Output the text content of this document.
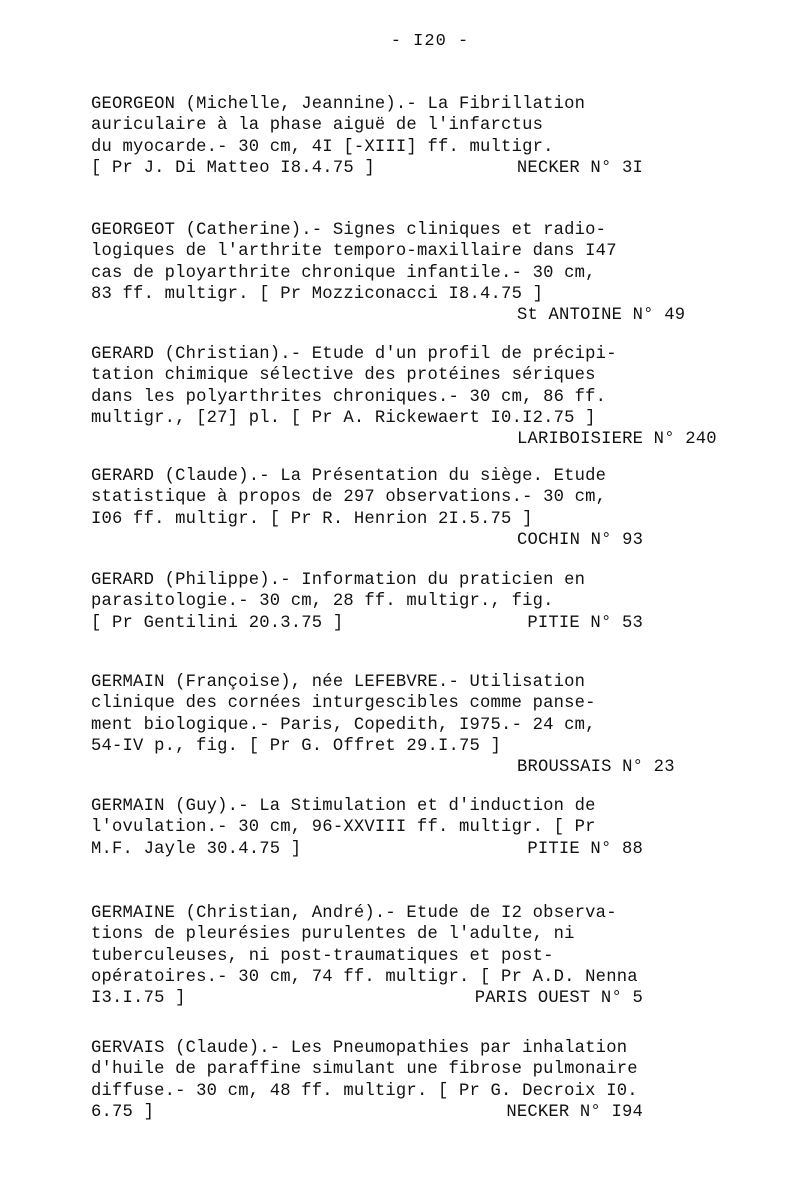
- I20 -
GEORGEON (Michelle, Jeannine).- La Fibrillation
auriculaire à la phase aiguë de l'infarctus
du myocarde.- 30 cm, 4I [-XIII] ff. multigr.
[ Pr J. Di Matteo I8.4.75 ]	NECKER N° 3I
GEORGEOT (Catherine).- Signes cliniques et radio-
logiques de l'arthrite temporo-maxillaire dans I47
cas de ployarthrite chronique infantile.- 30 cm,
83 ff. multigr. [ Pr Mozziconacci I8.4.75 ]
St ANTOINE N° 49
GERARD (Christian).- Etude d'un profil de précipi-
tation chimique sélective des protéines sériques
dans les polyarthrites chroniques.- 30 cm, 86 ff.
multigr., [27] pl. [ Pr A. Rickewaert I0.I2.75 ]
LARIBOISIERE N° 240
GERARD (Claude).- La Présentation du siège. Etude
statistique à propos de 297 observations.- 30 cm,
I06 ff. multigr. [ Pr R. Henrion 2I.5.75 ]
COCHIN N° 93
GERARD (Philippe).- Information du praticien en
parasitologie.- 30 cm, 28 ff. multigr., fig.
[ Pr Gentilini 20.3.75 ]	PITIE N° 53
GERMAIN (Françoise), née LEFEBVRE.- Utilisation
clinique des cornées inturgescibles comme panse-
ment biologique.- Paris, Copedith, I975.- 24 cm,
54-IV p., fig. [ Pr G. Offret 29.I.75 ]
BROUSSAIS N° 23
GERMAIN (Guy).- La Stimulation et d'induction de
l'ovulation.- 30 cm, 96-XXVIII ff. multigr. [ Pr
M.F. Jayle 30.4.75 ]	PITIE N° 88
GERMAINE (Christian, André).- Etude de I2 observa-
tions de pleurésies purulentes de l'adulte, ni
tuberculeuses, ni post-traumatiques et post-
opératoires.- 30 cm, 74 ff. multigr. [ Pr A.D. Nenna
I3.I.75 ]	PARIS OUEST N° 5
GERVAIS (Claude).- Les Pneumopathies par inhalation
d'huile de paraffine simulant une fibrose pulmonaire
diffuse.- 30 cm, 48 ff. multigr. [ Pr G. Decroix I0.
6.75 ]	NECKER N° I94
